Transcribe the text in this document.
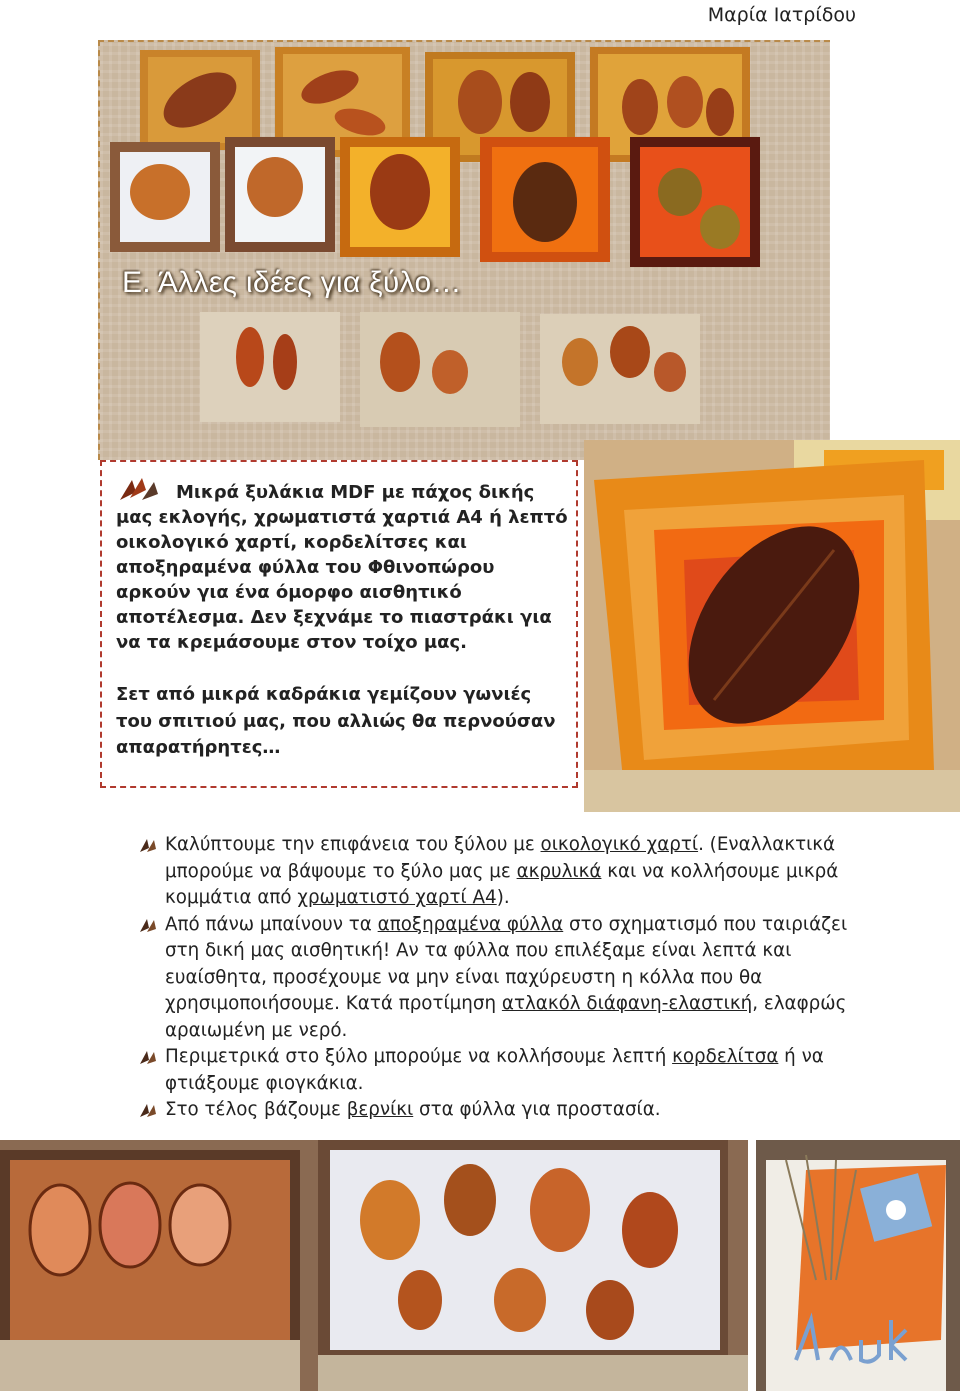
Μαρία Ιατρίδου
Ε. Άλλες ιδέες για ξύλο…
Μικρά ξυλάκια MDF με πάχος δικής μας εκλογής, χρωματιστά χαρτιά Α4 ή λεπτό οικολογικό χαρτί, κορδελίτσες και αποξηραμένα φύλλα του Φθινοπώρου αρκούν για ένα όμορφο αισθητικό αποτέλεσμα. Δεν ξεχνάμε το πιαστράκι για να τα κρεμάσουμε στον τοίχο μας.
Σετ από μικρά καδράκια γεμίζουν γωνιές του σπιτιού μας, που αλλιώς θα περνούσαν απαρατήρητες…
Καλύπτουμε την επιφάνεια του ξύλου με οικολογικό χαρτί. (Εναλλακτικά μπορούμε να βάψουμε το ξύλο μας με ακρυλικά και να κολλήσουμε μικρά κομμάτια από χρωματιστό χαρτί Α4).
Από πάνω μπαίνουν τα αποξηραμένα φύλλα στο σχηματισμό που ταιριάζει στη δική μας αισθητική! Αν τα φύλλα που επιλέξαμε είναι λεπτά και ευαίσθητα, προσέχουμε να μην είναι παχύρευστη η κόλλα που θα χρησιμοποιήσουμε. Κατά προτίμηση ατλακόλ διάφανη-ελαστική, ελαφρώς αραιωμένη με νερό.
Περιμετρικά στο ξύλο μπορούμε να κολλήσουμε λεπτή κορδελίτσα ή να φτιάξουμε φιογκάκια.
Στο τέλος βάζουμε βερνίκι στα φύλλα για προστασία.
